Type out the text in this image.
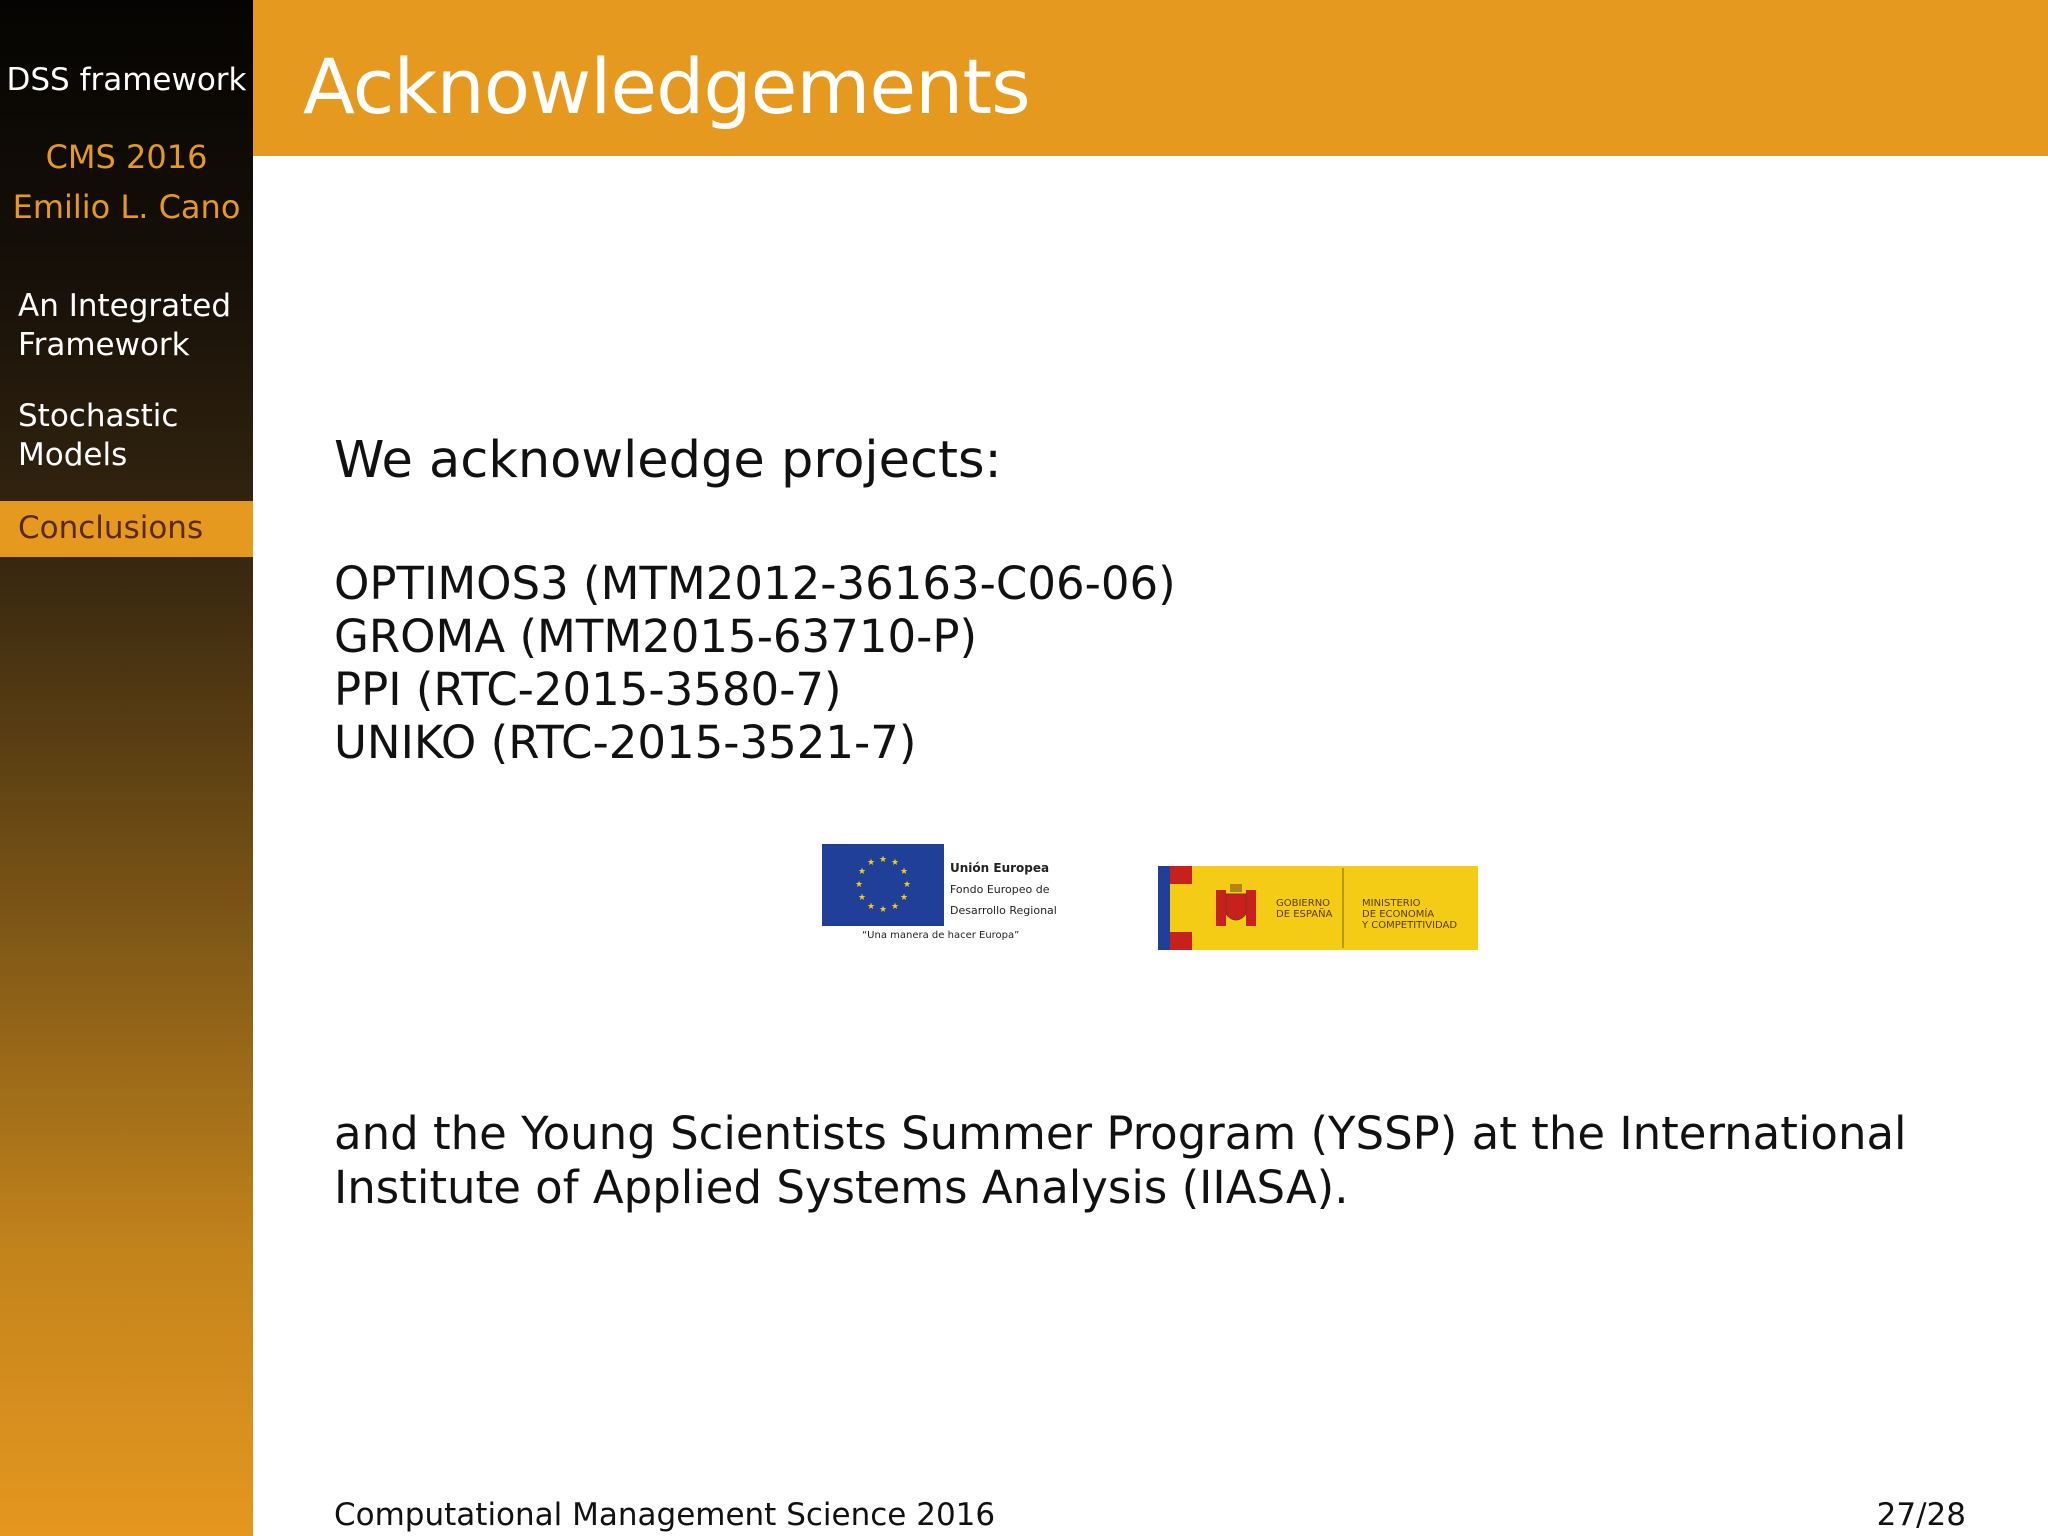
DSS framework
CMS 2016
Emilio L. Cano
An Integrated Framework
Stochastic Models
Conclusions
Acknowledgements
We acknowledge projects:
OPTIMOS3 (MTM2012-36163-C06-06)
GROMA (MTM2015-63710-P)
PPI (RTC-2015-3580-7)
UNIKO (RTC-2015-3521-7)
★ ★
★
★
★
★
★
★
★
★
★
★	Unión Europea
Fondo Europeo de
Desarrollo Regional
“Una manera de hacer Europa”
GOBIERNO
DE ESPAÑA
MINISTERIO
DE ECONOMÍA
Y COMPETITIVIDAD
and the Young Scientists Summer Program (YSSP) at the International Institute of Applied Systems Analysis (IIASA).
Computational Management Science 2016	27/28
